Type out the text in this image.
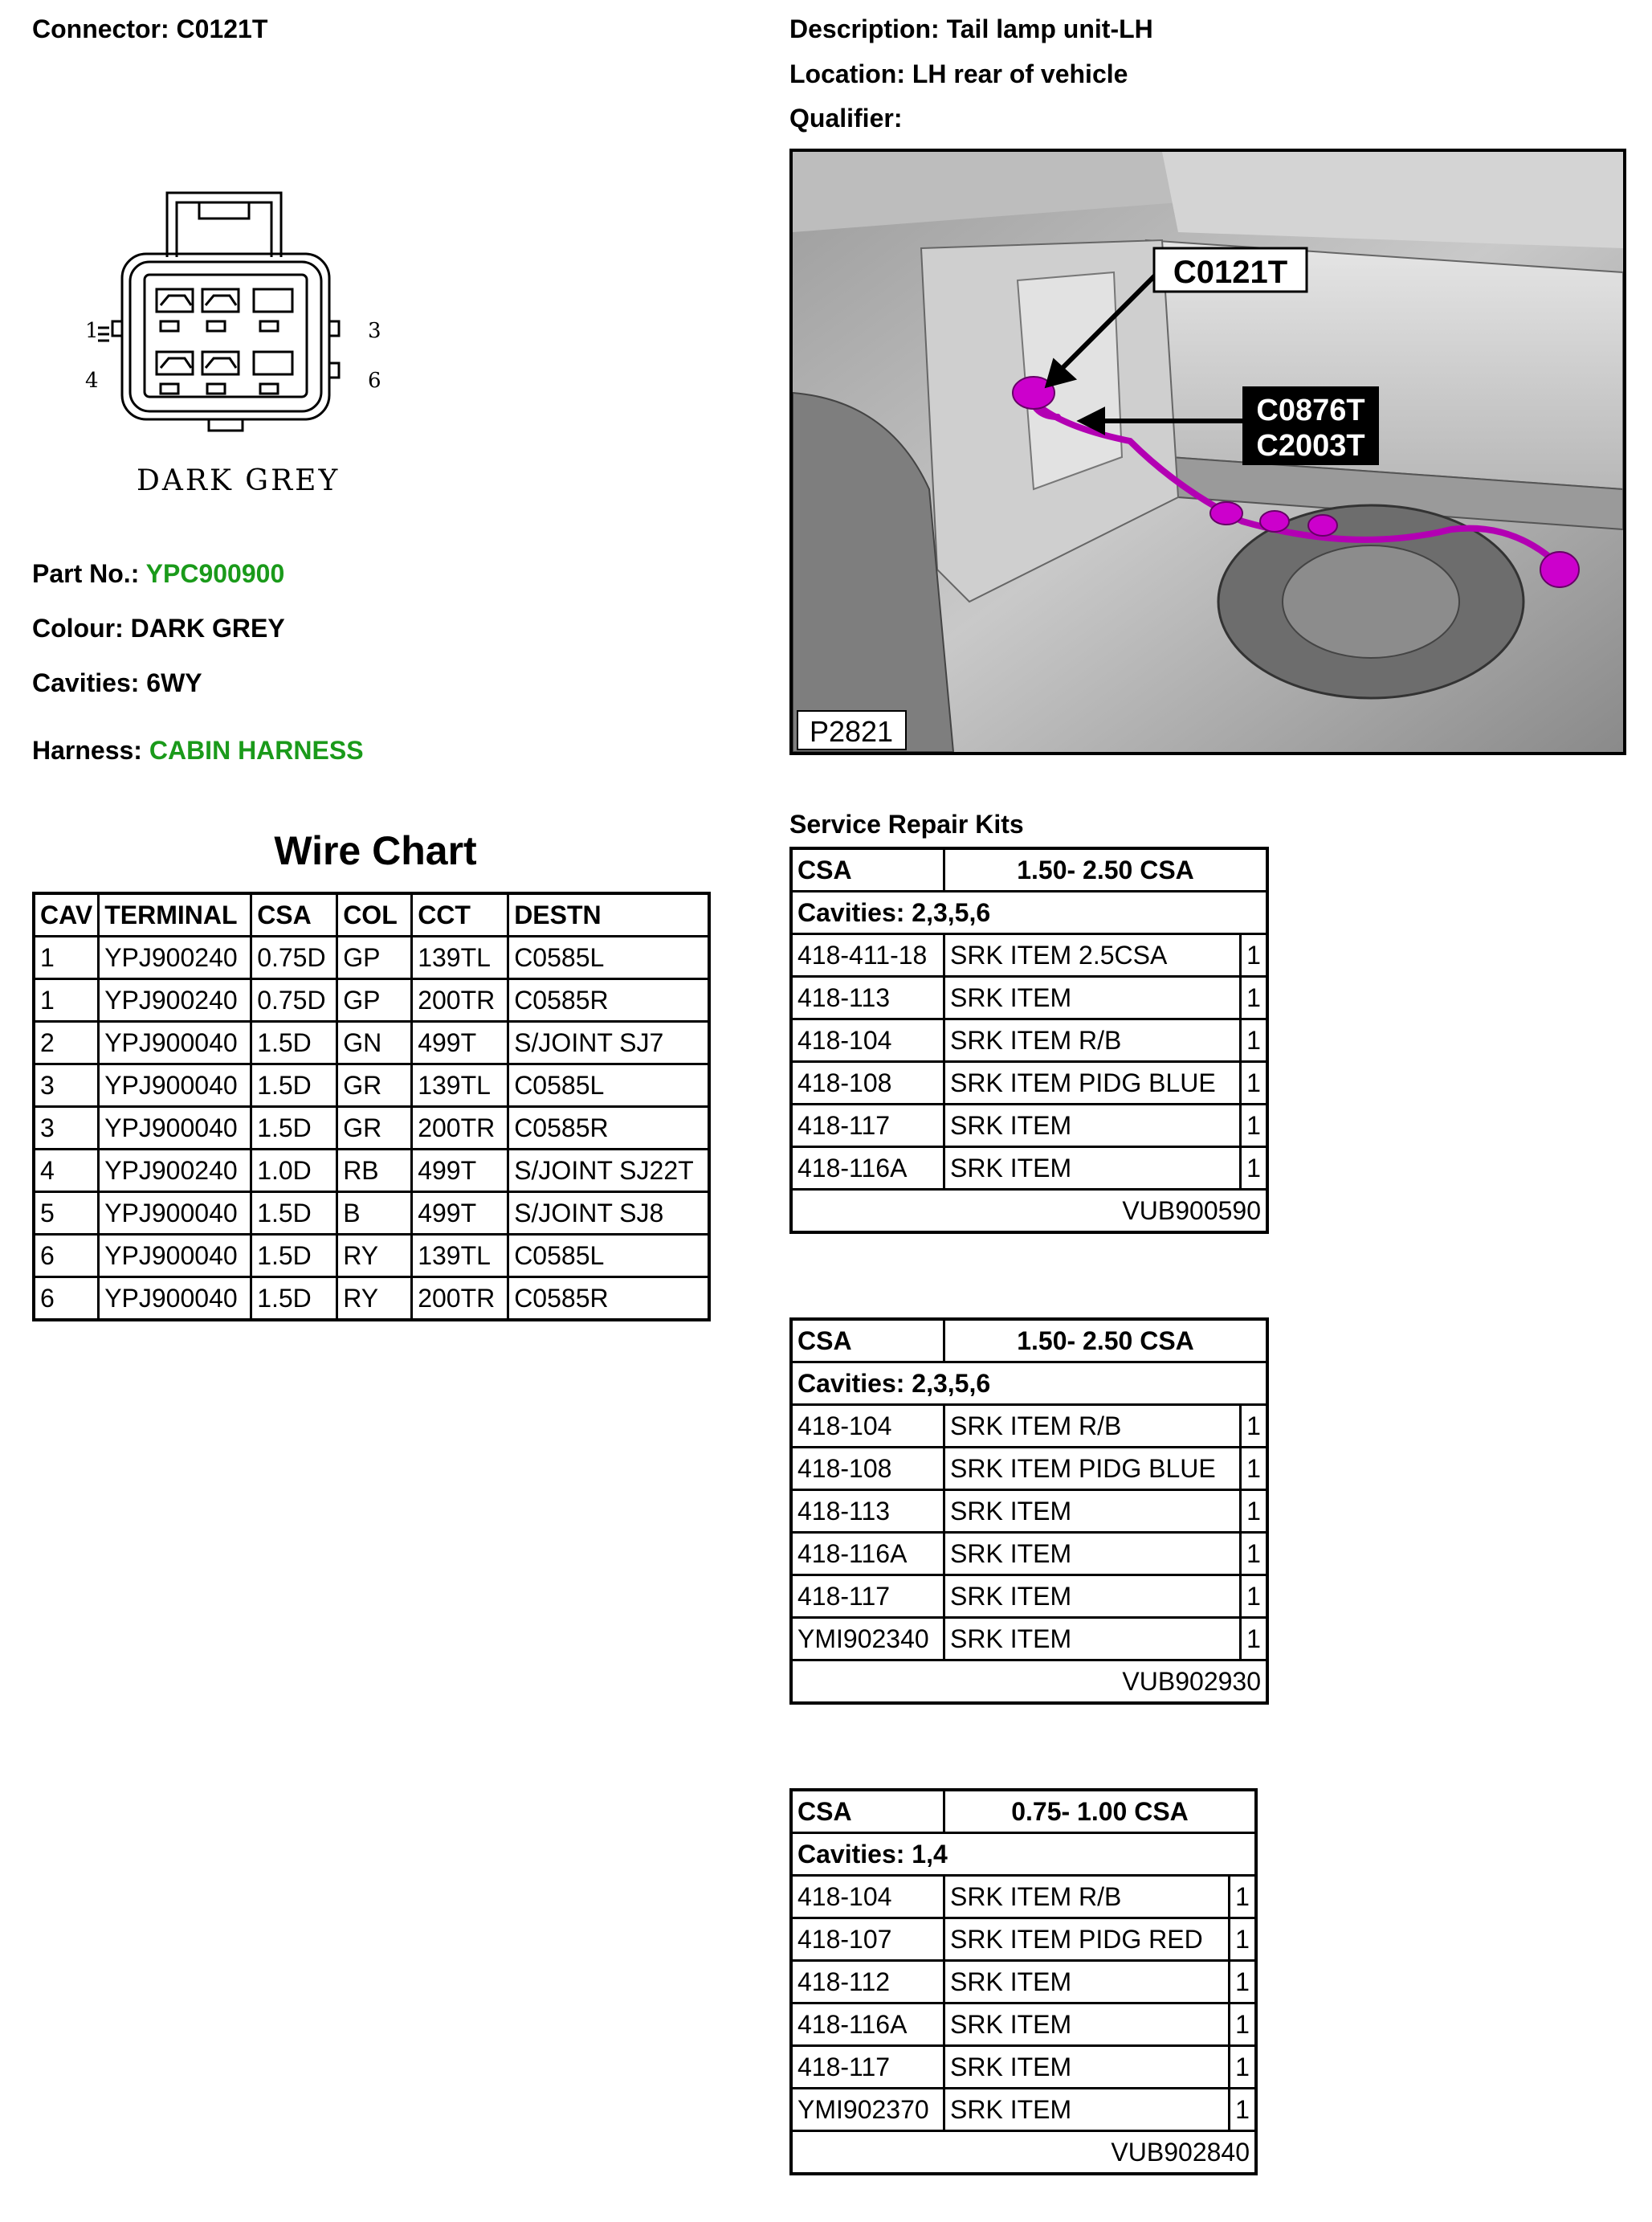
Connector: C0121T	Description: Tail lamp unit-LH
Location: LH rear of vehicle
Qualifier:
1	3
4	6
DARK GREY
Part No.: YPC900900
Colour: DARK GREY
Cavities: 6WY
Harness: CABIN HARNESS
C0121T
C0876T
C2003T
P2821
Wire Chart
CAV	TERMINAL	CSA	COL	CCT	DESTN
1	YPJ900240	0.75D	GP	139TL	C0585L
1	YPJ900240	0.75D	GP	200TR	C0585R
2	YPJ900040	1.5D	GN	499T	S/JOINT SJ7
3	YPJ900040	1.5D	GR	139TL	C0585L
3	YPJ900040	1.5D	GR	200TR	C0585R
4	YPJ900240	1.0D	RB	499T	S/JOINT SJ22T
5	YPJ900040	1.5D	B	499T	S/JOINT SJ8
6	YPJ900040	1.5D	RY	139TL	C0585L
6	YPJ900040	1.5D	RY	200TR	C0585R
Service Repair Kits
CSA	1.50- 2.50 CSA	
Cavities: 2,3,5,6		
418-411-18	SRK ITEM 2.5CSA	1
418-113	SRK ITEM	1
418-104	SRK ITEM R/B	1
418-108	SRK ITEM PIDG BLUE	1
418-117	SRK ITEM	1
418-116A	SRK ITEM	1
VUB900590		
CSA	1.50- 2.50 CSA	
Cavities: 2,3,5,6		
418-104	SRK ITEM R/B	1
418-108	SRK ITEM PIDG BLUE	1
418-113	SRK ITEM	1
418-116A	SRK ITEM	1
418-117	SRK ITEM	1
YMI902340	SRK ITEM	1
VUB902930		
CSA	0.75- 1.00 CSA	
Cavities: 1,4		
418-104	SRK ITEM R/B	1
418-107	SRK ITEM PIDG RED	1
418-112	SRK ITEM	1
418-116A	SRK ITEM	1
418-117	SRK ITEM	1
YMI902370	SRK ITEM	1
VUB902840		
